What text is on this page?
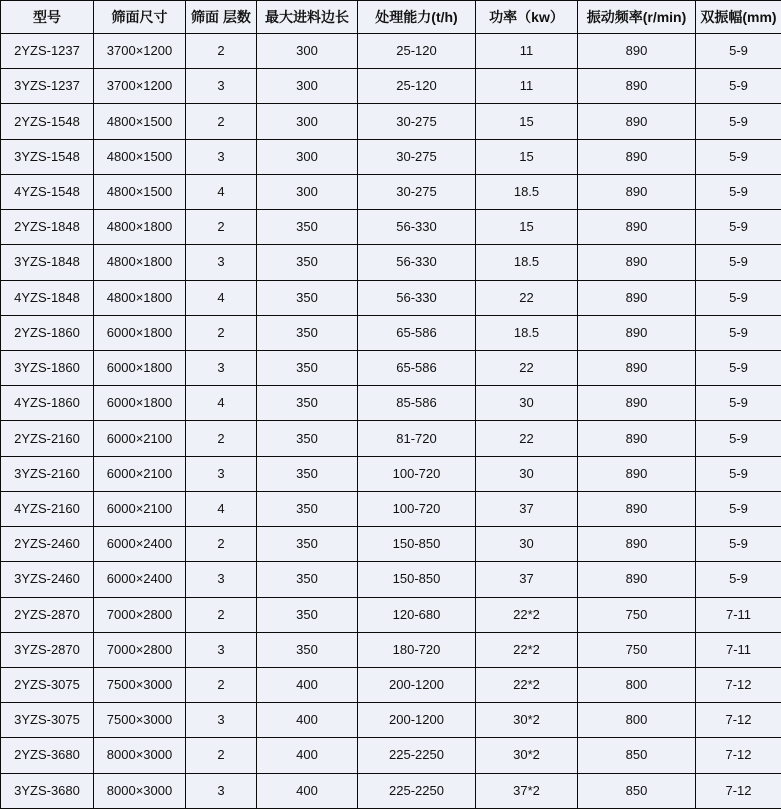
型号	筛面尺寸	筛面 层数	最大进料边长	处理能力(t/h)	功率（kw）	振动频率(r/min)	双振幅(mm)
2YZS-1237	3700×1200	2	300	25-120	11	890	5-9
3YZS-1237	3700×1200	3	300	25-120	11	890	5-9
2YZS-1548	4800×1500	2	300	30-275	15	890	5-9
3YZS-1548	4800×1500	3	300	30-275	15	890	5-9
4YZS-1548	4800×1500	4	300	30-275	18.5	890	5-9
2YZS-1848	4800×1800	2	350	56-330	15	890	5-9
3YZS-1848	4800×1800	3	350	56-330	18.5	890	5-9
4YZS-1848	4800×1800	4	350	56-330	22	890	5-9
2YZS-1860	6000×1800	2	350	65-586	18.5	890	5-9
3YZS-1860	6000×1800	3	350	65-586	22	890	5-9
4YZS-1860	6000×1800	4	350	85-586	30	890	5-9
2YZS-2160	6000×2100	2	350	81-720	22	890	5-9
3YZS-2160	6000×2100	3	350	100-720	30	890	5-9
4YZS-2160	6000×2100	4	350	100-720	37	890	5-9
2YZS-2460	6000×2400	2	350	150-850	30	890	5-9
3YZS-2460	6000×2400	3	350	150-850	37	890	5-9
2YZS-2870	7000×2800	2	350	120-680	22*2	750	7-11
3YZS-2870	7000×2800	3	350	180-720	22*2	750	7-11
2YZS-3075	7500×3000	2	400	200-1200	22*2	800	7-12
3YZS-3075	7500×3000	3	400	200-1200	30*2	800	7-12
2YZS-3680	8000×3000	2	400	225-2250	30*2	850	7-12
3YZS-3680	8000×3000	3	400	225-2250	37*2	850	7-12
